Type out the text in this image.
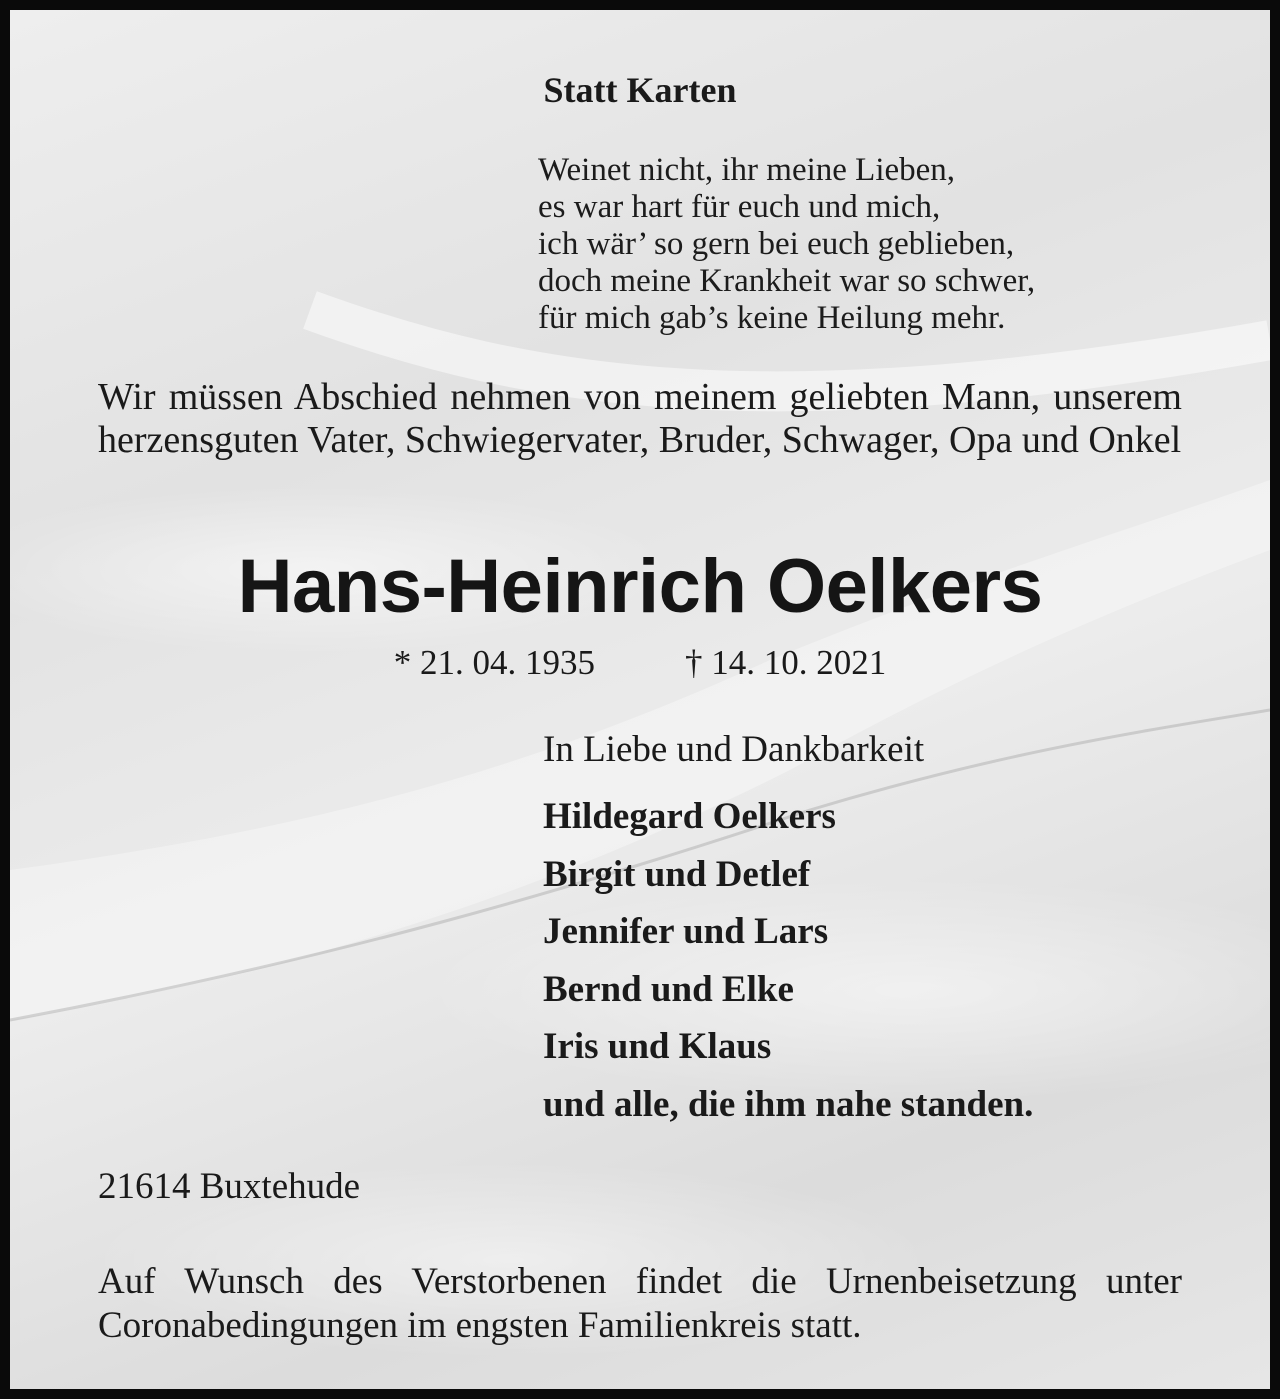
Statt Karten

Weinet nicht, ihr meine Lieben,
es war hart für euch und mich,
ich wär’ so gern bei euch geblieben,
doch meine Krankheit war so schwer,
für mich gab’s keine Heilung mehr.

Wir müssen Abschied nehmen von meinem geliebten Mann, unserem herzensguten Vater, Schwiegervater, Bruder, Schwager, Opa und Onkel

Hans-Heinrich Oelkers

* 21. 04. 1935	† 14. 10. 2021

In Liebe und Dankbarkeit

Hildegard Oelkers
Birgit und Detlef
Jennifer und Lars
Bernd und Elke
Iris und Klaus
und alle, die ihm nahe standen.

21614 Buxtehude

Auf Wunsch des Verstorbenen findet die Urnenbeisetzung unter Coronabedingungen im engsten Familienkreis statt.
